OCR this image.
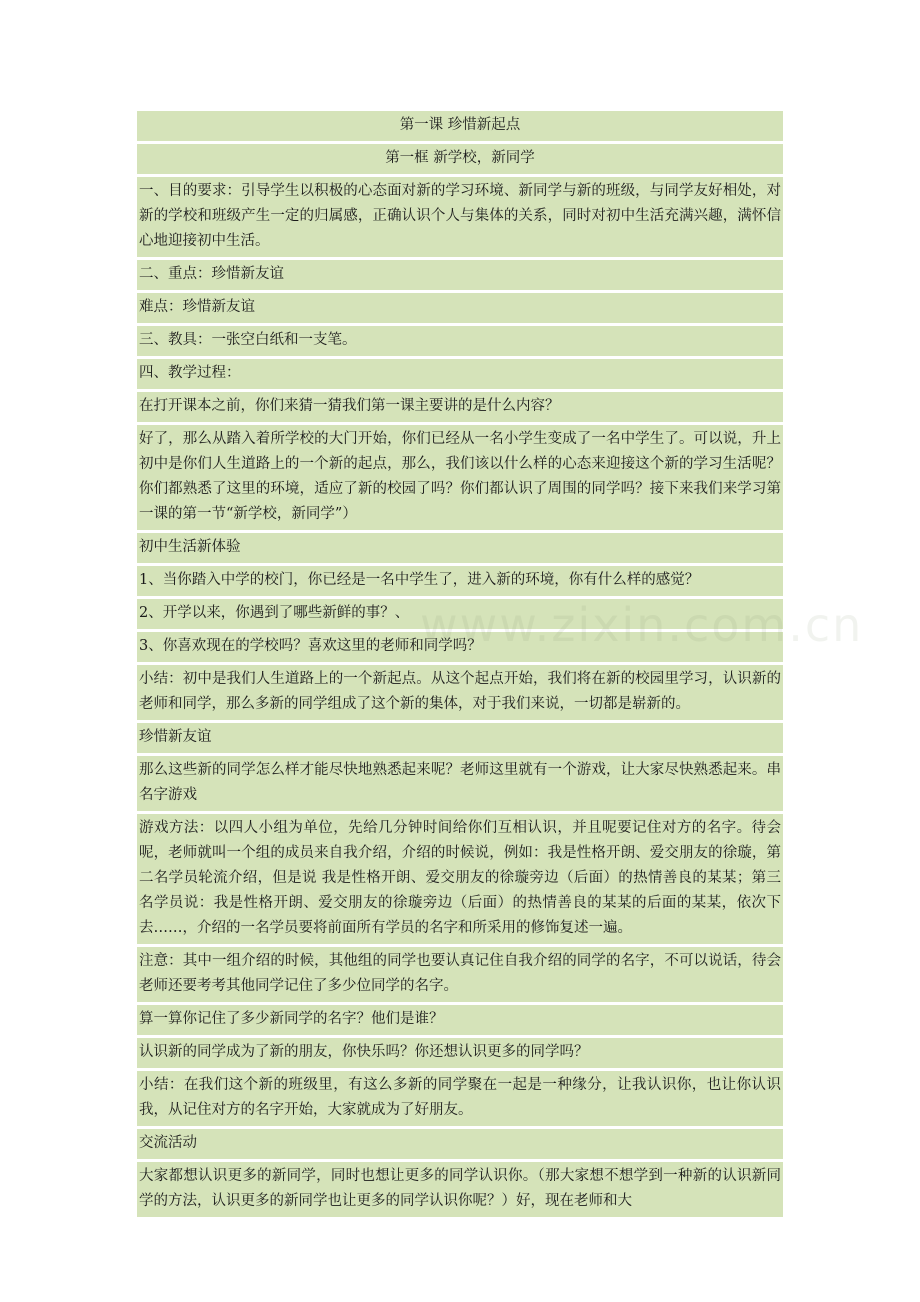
第一课 珍惜新起点
第一框 新学校，新同学
一、目的要求：引导学生以积极的心态面对新的学习环境、新同学与新的班级，与同学友好相处，对新的学校和班级产生一定的归属感，正确认识个人与集体的关系，同时对初中生活充满兴趣，满怀信心地迎接初中生活。
二、重点：珍惜新友谊
难点：珍惜新友谊
三、教具：一张空白纸和一支笔。
四、教学过程：
在打开课本之前，你们来猜一猜我们第一课主要讲的是什么内容？
好了，那么从踏入着所学校的大门开始，你们已经从一名小学生变成了一名中学生了。可以说，升上初中是你们人生道路上的一个新的起点，那么，我们该以什么样的心态来迎接这个新的学习生活呢？你们都熟悉了这里的环境，适应了新的校园了吗？你们都认识了周围的同学吗？接下来我们来学习第一课的第一节“新学校，新同学”）
初中生活新体验
1、当你踏入中学的校门，你已经是一名中学生了，进入新的环境，你有什么样的感觉？
2、开学以来，你遇到了哪些新鲜的事？、
3、你喜欢现在的学校吗？喜欢这里的老师和同学吗？
小结：初中是我们人生道路上的一个新起点。从这个起点开始，我们将在新的校园里学习，认识新的老师和同学，那么多新的同学组成了这个新的集体，对于我们来说，一切都是崭新的。
珍惜新友谊
那么这些新的同学怎么样才能尽快地熟悉起来呢？老师这里就有一个游戏，让大家尽快熟悉起来。串名字游戏
游戏方法：以四人小组为单位，先给几分钟时间给你们互相认识，并且呢要记住对方的名字。待会呢，老师就叫一个组的成员来自我介绍，介绍的时候说，例如：我是性格开朗、爱交朋友的徐璇，第二名学员轮流介绍，但是说 我是性格开朗、爱交朋友的徐璇旁边（后面）的热情善良的某某；第三名学员说：我是性格开朗、爱交朋友的徐璇旁边（后面）的热情善良的某某的后面的某某，依次下去……，介绍的一名学员要将前面所有学员的名字和所采用的修饰复述一遍。
注意：其中一组介绍的时候，其他组的同学也要认真记住自我介绍的同学的名字，不可以说话，待会老师还要考考其他同学记住了多少位同学的名字。
算一算你记住了多少新同学的名字？他们是谁？
认识新的同学成为了新的朋友，你快乐吗？你还想认识更多的同学吗？
小结：在我们这个新的班级里，有这么多新的同学聚在一起是一种缘分，让我认识你，也让你认识我，从记住对方的名字开始，大家就成为了好朋友。
交流活动
大家都想认识更多的新同学，同时也想让更多的同学认识你。（那大家想不想学到一种新的认识新同学的方法，认识更多的新同学也让更多的同学认识你呢？）好，现在老师和大
